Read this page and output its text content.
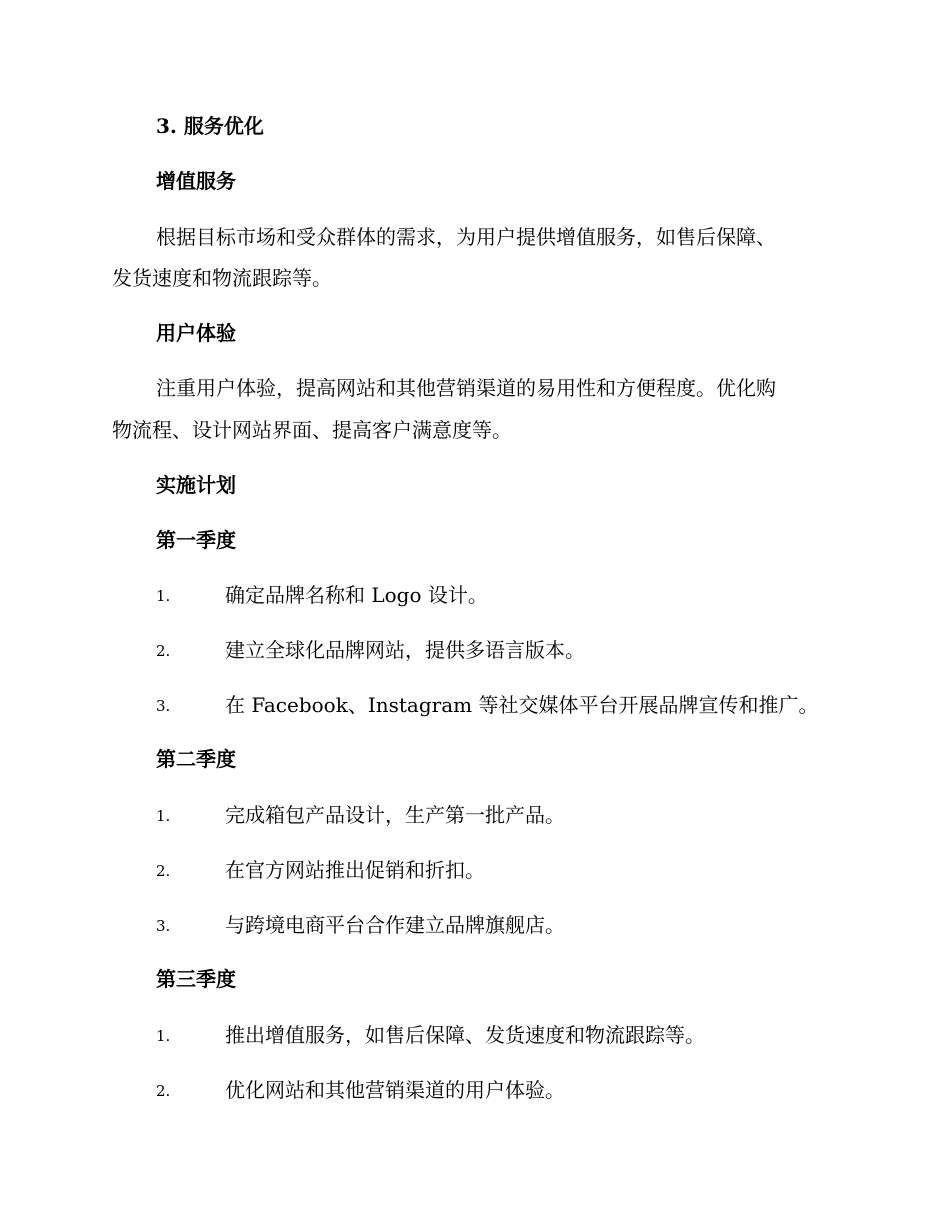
3. 服务优化
增值服务
根据目标市场和受众群体的需求，为用户提供增值服务，如售后保障、
发货速度和物流跟踪等。
用户体验
注重用户体验，提高网站和其他营销渠道的易用性和方便程度。优化购
物流程、设计网站界面、提高客户满意度等。
实施计划
第一季度
1.	确定品牌名称和 Logo 设计。
2.	建立全球化品牌网站，提供多语言版本。
3.	在 Facebook、Instagram 等社交媒体平台开展品牌宣传和推广。
第二季度
1.	完成箱包产品设计，生产第一批产品。
2.	在官方网站推出促销和折扣。
3.	与跨境电商平台合作建立品牌旗舰店。
第三季度
1.	推出增值服务，如售后保障、发货速度和物流跟踪等。
2.	优化网站和其他营销渠道的用户体验。
